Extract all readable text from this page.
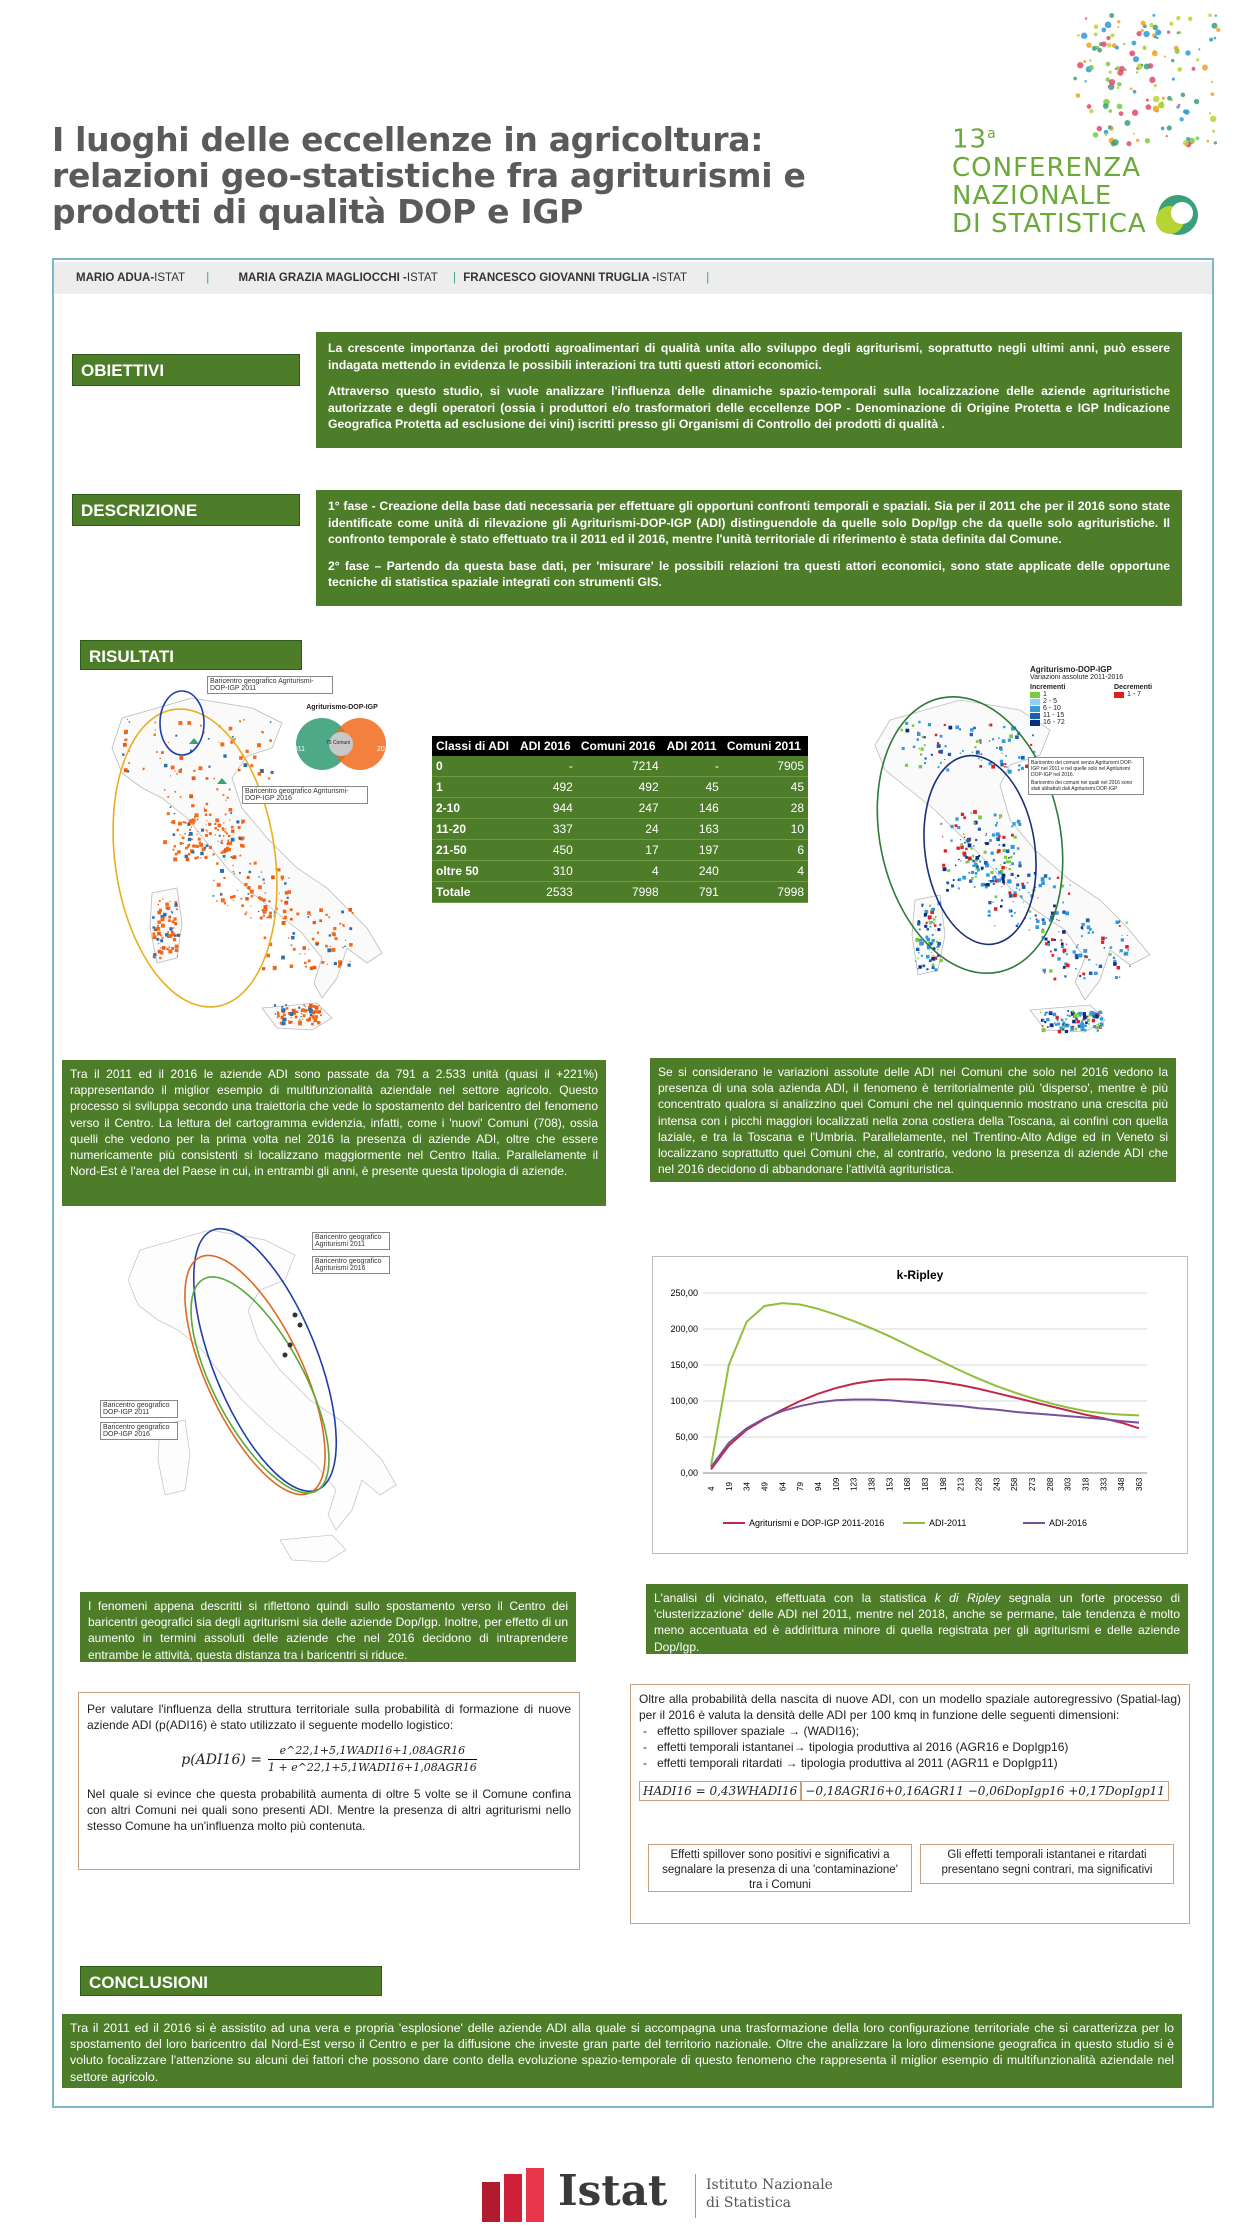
I luoghi delle eccellenze in agricoltura: relazioni geo-statistiche fra agriturismi e prodotti di qualità DOP e IGP
13$^a$
CONFERENZA
NAZIONALE
DI STATISTICA
MARIO ADUA-ISTAT |	MARIA GRAZIA MAGLIOCCHI -ISTAT | FRANCESCO GIOVANNI TRUGLIA -ISTAT |
OBIETTIVI
La crescente importanza dei prodotti agroalimentari di qualità unita allo sviluppo degli agriturismi, soprattutto negli ultimi anni, può essere indagata mettendo in evidenza le possibili interazioni tra tutti questi attori economici.
Attraverso questo studio, si vuole analizzare l'influenza delle dinamiche spazio-temporali sulla localizzazione delle aziende agrituristiche autorizzate e degli operatori (ossia i produttori e/o trasformatori delle eccellenze DOP - Denominazione di Origine Protetta e IGP Indicazione Geografica Protetta ad esclusione dei vini) iscritti presso gli Organismi di Controllo dei prodotti di qualità .
DESCRIZIONE	1° fase - Creazione della base dati necessaria per effettuare gli opportuni confronti temporali e spaziali. Sia per il 2011 che per il 2016 sono state identificate come unità di rilevazione gli Agriturismi-DOP-IGP (ADI) distinguendole da quelle solo Dop/Igp che da quelle solo agrituristiche. Il confronto temporale è stato effettuato tra il 2011 ed il 2016, mentre l'unità territoriale di riferimento è stata definita dal Comune.
2° fase – Partendo da questa base dati, per 'misurare' le possibili relazioni tra questi attori economici, sono state applicate delle opportune tecniche di statistica spaziale integrati con strumenti GIS.
RISULTATI
Baricentro geografico Agriturismi-DOP-IGP 2011
Baricentro geografico Agriturismi-DOP-IGP 2016
Agriturismo-DOP-IGP
2011	2016
75 Comuni	Classi di ADI	ADI 2016	Comuni 2016	ADI 2011	Comuni 2011
0	-	7214	-	7905
1	492	492	45	45
2-10	944	247	146	28
11-20	337	24	163	10
21-50	450	17	197	6
oltre 50	310	4	240	4
Totale	2533	7998	791	7998
Agriturismo-DOP-IGP
Variazioni assolute 2011-2016
Incrementi
1
2 - 5
6 - 10
11 - 15
16 - 72
Decrementi
1 - 7
Baricentro dei comuni senza Agriturismi DOP-IGP nel 2011 e nel quelle solo nel Agriturismi DOP-IGP nel 2016.
Baricentro dei comuni nei quali nel 2016 sono stati abbattuti dati Agriturismi DOP-IGP
Tra il 2011 ed il 2016 le aziende ADI sono passate da 791 a 2.533 unità (quasi il +221%) rappresentando il miglior esempio di multifunzionalità aziendale nel settore agricolo. Questo processo si sviluppa secondo una traiettoria che vede lo spostamento del baricentro del fenomeno verso il Centro. La lettura del cartogramma evidenzia, infatti, come i 'nuovi' Comuni (708), ossia quelli che vedono per la prima volta nel 2016 la presenza di aziende ADI, oltre che essere numericamente più consistenti si localizzano maggiormente nel Centro Italia. Parallelamente il Nord-Est è l'area del Paese in cui, in entrambi gli anni, è presente questa tipologia di aziende.
Se si considerano le variazioni assolute delle ADI nei Comuni che solo nel 2016 vedono la presenza di una sola azienda ADI, il fenomeno è territorialmente più 'disperso', mentre è più concentrato qualora si analizzino quei Comuni che nel quinquennio mostrano una crescita più intensa con i picchi maggiori localizzati nella zona costiera della Toscana, ai confini con quella laziale, e tra la Toscana e l'Umbria. Parallelamente, nel Trentino-Alto Adige ed in Veneto si localizzano soprattutto quei Comuni che, al contrario, vedono la presenza di aziende ADI che nel 2016 decidono di abbandonare l'attività agrituristica.
Baricentro geografico Agriturismi 2011
Baricentro geografico Agriturismi 2016
Baricentro geografico DOP-IGP 2011
Baricentro geografico DOP-IGP 2016
k-Ripley
0,00
50,00
100,00
150,00
200,00
250,00
4 19 34 49 64 79 94 109 123 138 153 168 183 198 213 228 243 258 273 288 303 318 333 348 363
Agriturismi e DOP-IGP 2011-2016	ADI-2011	ADI-2016
I fenomeni appena descritti si riflettono quindi sullo spostamento verso il Centro dei baricentri geografici sia degli agriturismi sia delle aziende Dop/Igp. Inoltre, per effetto di un aumento in termini assoluti delle aziende che nel 2016 decidono di intraprendere entrambe le attività, questa distanza tra i baricentri si riduce.
L'analisi di vicinato, effettuata con la statistica k di Ripley segnala un forte processo di 'clusterizzazione' delle ADI nel 2011, mentre nel 2018, anche se permane, tale tendenza è molto meno accentuata ed è addirittura minore di quella registrata per gli agriturismi e delle aziende Dop/Igp.
Per valutare l'influenza della struttura territoriale sulla probabilità di formazione di nuove aziende ADI (p(ADI16) è stato utilizzato il seguente modello logistico:
p(ADI16) =
e^22,1+5,1WADI16+1,08AGR16
1 + e^22,1+5,1WADI16+1,08AGR16
Nel quale si evince che questa probabilità aumenta di oltre 5 volte se il Comune confina con altri Comuni nei quali sono presenti ADI. Mentre la presenza di altri agriturismi nello stesso Comune ha un'influenza molto più contenuta.
Oltre alla probabilità della nascita di nuove ADI, con un modello spaziale autoregressivo (Spatial-lag) per il 2016 è valuta la densità delle ADI per 100 kmq in funzione delle seguenti dimensioni:
- effetto spillover spaziale → (WADI16);
- effetti temporali istantanei→ tipologia produttiva al 2016 (AGR16 e DopIgp16)
- effetti temporali ritardati → tipologia produttiva al 2011 (AGR11 e DopIgp11)
HADI16 = 0,43WHADI16 −0,18AGR16+0,16AGR11 −0,06DopIgp16 +0,17DopIgp11
Effetti spillover sono positivi e significativi a segnalare la presenza di una 'contaminazione' tra i Comuni
Gli effetti temporali istantanei e ritardati presentano segni contrari, ma significativi
CONCLUSIONI
Tra il 2011 ed il 2016 si è assistito ad una vera e propria 'esplosione' delle aziende ADI alla quale si accompagna una trasformazione della loro configurazione territoriale che si caratterizza per lo spostamento del loro baricentro dal Nord-Est verso il Centro e per la diffusione che investe gran parte del territorio nazionale. Oltre che analizzare la loro dimensione geografica in questo studio si è voluto focalizzare l'attenzione su alcuni dei fattori che possono dare conto della evoluzione spazio-temporale di questo fenomeno che rappresenta il miglior esempio di multifunzionalità aziendale nel settore agricolo.
Istat	Istituto Nazionale
di Statistica
